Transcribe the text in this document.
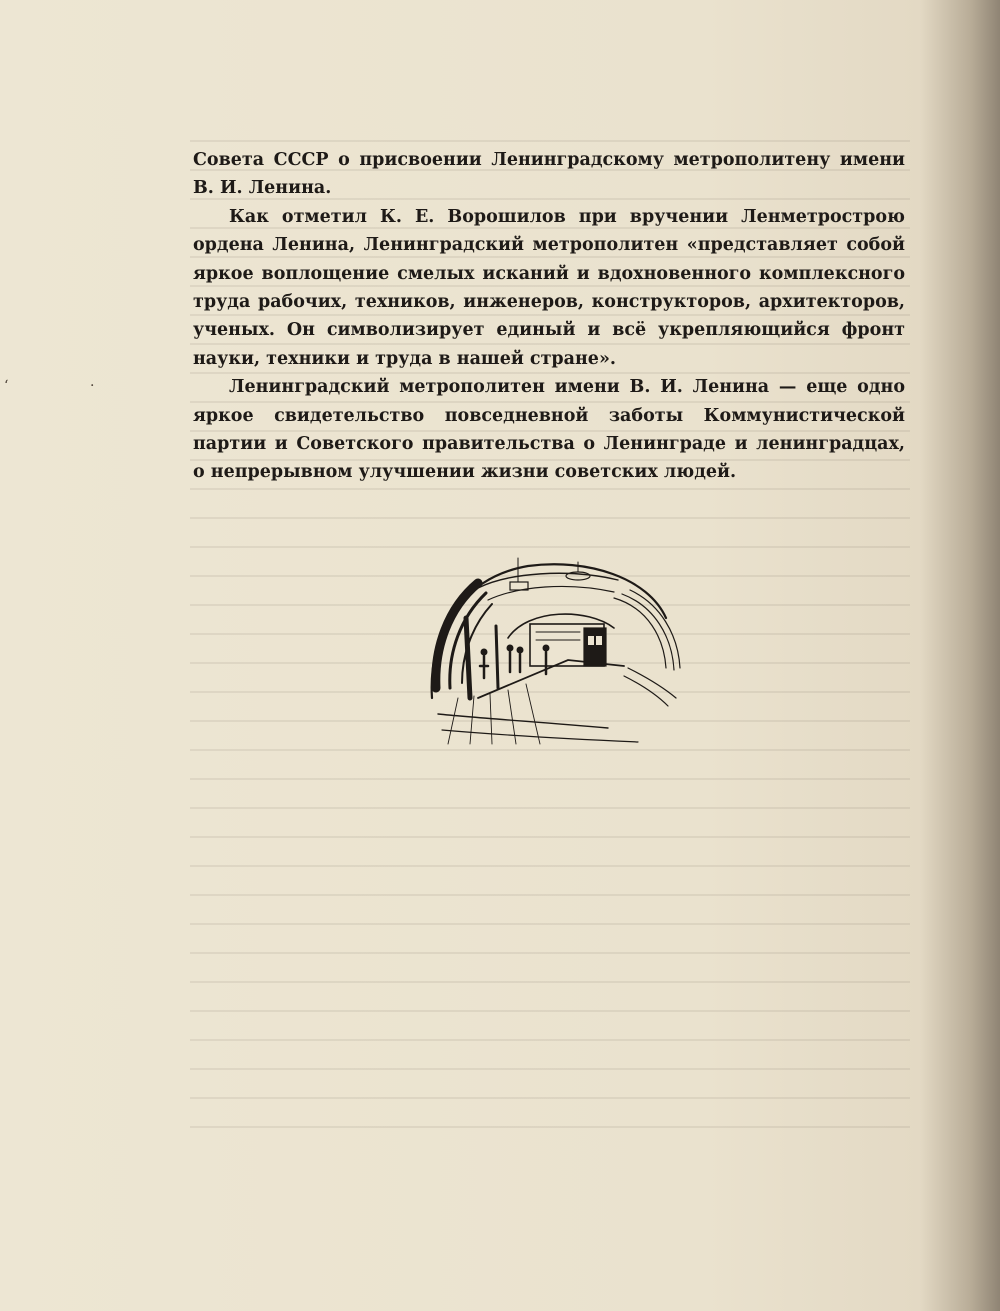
Совета СССР о присвоении Ленинградскому метрополитену имени В. И. Ленина.

Как отметил К. Е. Ворошилов при вручении Ленметрострою ордена Ленина, Ленинградский метрополитен «представляет собой яркое воплощение смелых исканий и вдохновенного комплексного труда рабочих, техников, инженеров, конструкторов, архитекторов, ученых. Он символизирует единый и всё укрепляющийся фронт науки, техники и труда в нашей стране».

Ленинградский метрополитен имени В. И. Ленина — еще одно яркое свидетельство повседневной заботы Коммунистической партии и Советского правительства о Ленинграде и ленинградцах, о непрерывном улучшении жизни советских людей.

‘	·
